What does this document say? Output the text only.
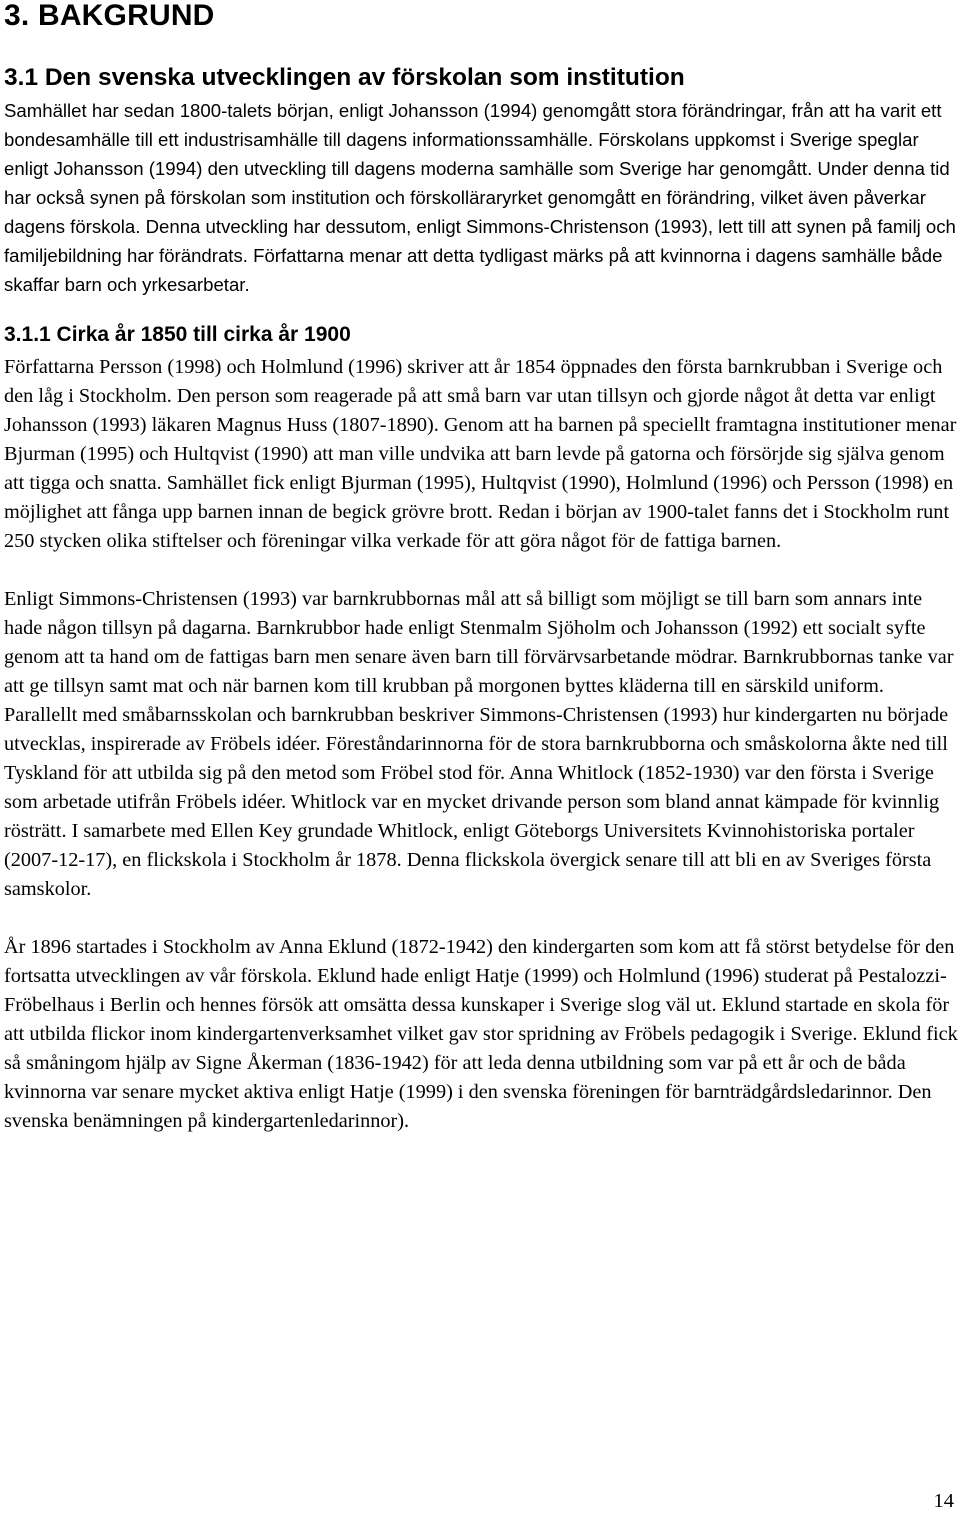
3. BAKGRUND
3.1 Den svenska utvecklingen av förskolan som institution

Samhället har sedan 1800-talets början, enligt Johansson (1994) genomgått stora förändringar, från att ha varit ett bondesamhälle till ett industrisamhälle till dagens informationssamhälle. Förskolans uppkomst i Sverige speglar enligt Johansson (1994) den utveckling till dagens moderna samhälle som Sverige har genomgått. Under denna tid har också synen på förskolan som institution och förskolläraryrket genomgått en förändring, vilket även påverkar dagens förskola. Denna utveckling har dessutom, enligt Simmons-Christenson (1993), lett till att synen på familj och familjebildning har förändrats. Författarna menar att detta tydligast märks på att kvinnorna i dagens samhälle både skaffar barn och yrkesarbetar.

3.1.1 Cirka år 1850 till cirka år 1900

Författarna Persson (1998) och Holmlund (1996) skriver att år 1854 öppnades den första barnkrubban i Sverige och den låg i Stockholm. Den person som reagerade på att små barn var utan tillsyn och gjorde något åt detta var enligt Johansson (1993) läkaren Magnus Huss (1807-1890). Genom att ha barnen på speciellt framtagna institutioner menar Bjurman (1995) och Hultqvist (1990) att man ville undvika att barn levde på gatorna och försörjde sig själva genom att tigga och snatta. Samhället fick enligt Bjurman (1995), Hultqvist (1990), Holmlund (1996) och Persson (1998) en möjlighet att fånga upp barnen innan de begick grövre brott. Redan i början av 1900-talet fanns det i Stockholm runt 250 stycken olika stiftelser och föreningar vilka verkade för att göra något för de fattiga barnen.

Enligt Simmons-Christensen (1993) var barnkrubbornas mål att så billigt som möjligt se till barn som annars inte hade någon tillsyn på dagarna. Barnkrubbor hade enligt Stenmalm Sjöholm och Johansson (1992) ett socialt syfte genom att ta hand om de fattigas barn men senare även barn till förvärvsarbetande mödrar. Barnkrubbornas tanke var att ge tillsyn samt mat och när barnen kom till krubban på morgonen byttes kläderna till en särskild uniform. Parallellt med småbarnsskolan och barnkrubban beskriver Simmons-Christensen (1993) hur kindergarten nu började utvecklas, inspirerade av Fröbels idéer. Föreståndarinnorna för de stora barnkrubborna och småskolorna åkte ned till Tyskland för att utbilda sig på den metod som Fröbel stod för. Anna Whitlock (1852-1930) var den första i Sverige som arbetade utifrån Fröbels idéer. Whitlock var en mycket drivande person som bland annat kämpade för kvinnlig rösträtt. I samarbete med Ellen Key grundade Whitlock, enligt Göteborgs Universitets Kvinnohistoriska portaler (2007-12-17), en flickskola i Stockholm år 1878. Denna flickskola övergick senare till att bli en av Sveriges första samskolor.

År 1896 startades i Stockholm av Anna Eklund (1872-1942) den kindergarten som kom att få störst betydelse för den fortsatta utvecklingen av vår förskola. Eklund hade enligt Hatje (1999) och Holmlund (1996) studerat på Pestalozzi-Fröbelhaus i Berlin och hennes försök att omsätta dessa kunskaper i Sverige slog väl ut. Eklund startade en skola för att utbilda flickor inom kindergartenverksamhet vilket gav stor spridning av Fröbels pedagogik i Sverige. Eklund fick så småningom hjälp av Signe Åkerman (1836-1942) för att leda denna utbildning som var på ett år och de båda kvinnorna var senare mycket aktiva enligt Hatje (1999) i den svenska föreningen för barnträdgårdsledarinnor. Den svenska benämningen på kindergartenledarinnor).

14
